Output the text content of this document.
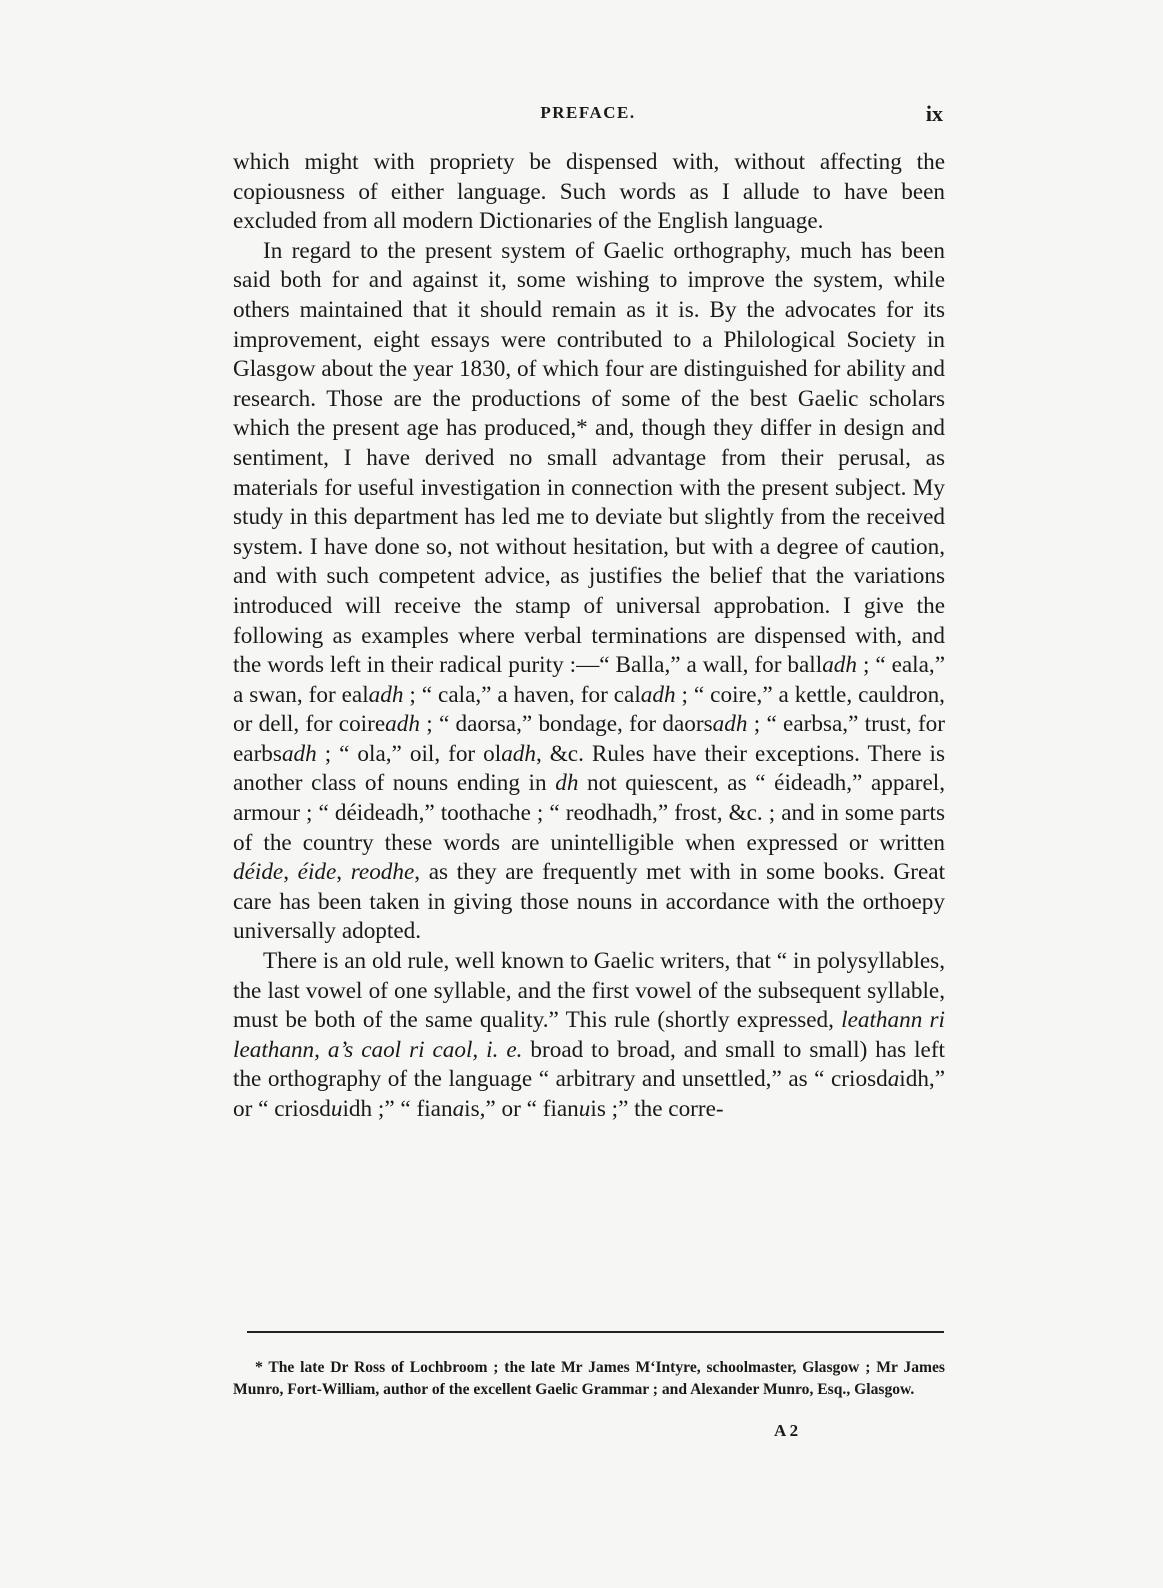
PREFACE.	ix

which might with propriety be dispensed with, without affecting the copiousness of either language. Such words as I allude to have been excluded from all modern Dictionaries of the English language.

In regard to the present system of Gaelic orthography, much has been said both for and against it, some wishing to improve the system, while others maintained that it should remain as it is. By the advocates for its improvement, eight essays were contributed to a Philological Society in Glasgow about the year 1830, of which four are distinguished for ability and research. Those are the productions of some of the best Gaelic scholars which the present age has produced,* and, though they differ in design and sentiment, I have derived no small advantage from their perusal, as materials for useful investigation in connection with the present subject. My study in this department has led me to deviate but slightly from the received system. I have done so, not without hesitation, but with a degree of caution, and with such competent advice, as justifies the belief that the variations introduced will receive the stamp of universal approbation. I give the following as examples where verbal terminations are dispensed with, and the words left in their radical purity :—“ Balla,” a wall, for balladh ; “ eala,” a swan, for ealadh ; “ cala,” a haven, for caladh ; “ coire,” a kettle, cauldron, or dell, for coireadh ; “ daorsa,” bondage, for daorsadh ; “ earbsa,” trust, for earbsadh ; “ ola,” oil, for oladh, &c. Rules have their exceptions. There is another class of nouns ending in dh not quiescent, as “ éideadh,” apparel, armour ; “ déideadh,” toothache ; “ reodhadh,” frost, &c. ; and in some parts of the country these words are unintelligible when expressed or written déide, éide, reodhe, as they are frequently met with in some books. Great care has been taken in giving those nouns in accordance with the orthoepy universally adopted.

There is an old rule, well known to Gaelic writers, that “ in polysyllables, the last vowel of one syllable, and the first vowel of the subsequent syllable, must be both of the same quality.” This rule (shortly expressed, leathann ri leathann, a’s caol ri caol, i. e. broad to broad, and small to small) has left the orthography of the language “ arbitrary and unsettled,” as “ criosdaidh,” or “ criosduidh ;” “ fianais,” or “ fianuis ;” the corre-

* The late Dr Ross of Lochbroom ; the late Mr James M‘Intyre, schoolmaster, Glasgow ; Mr James Munro, Fort-William, author of the excellent Gaelic Grammar ; and Alexander Munro, Esq., Glasgow.

A 2
